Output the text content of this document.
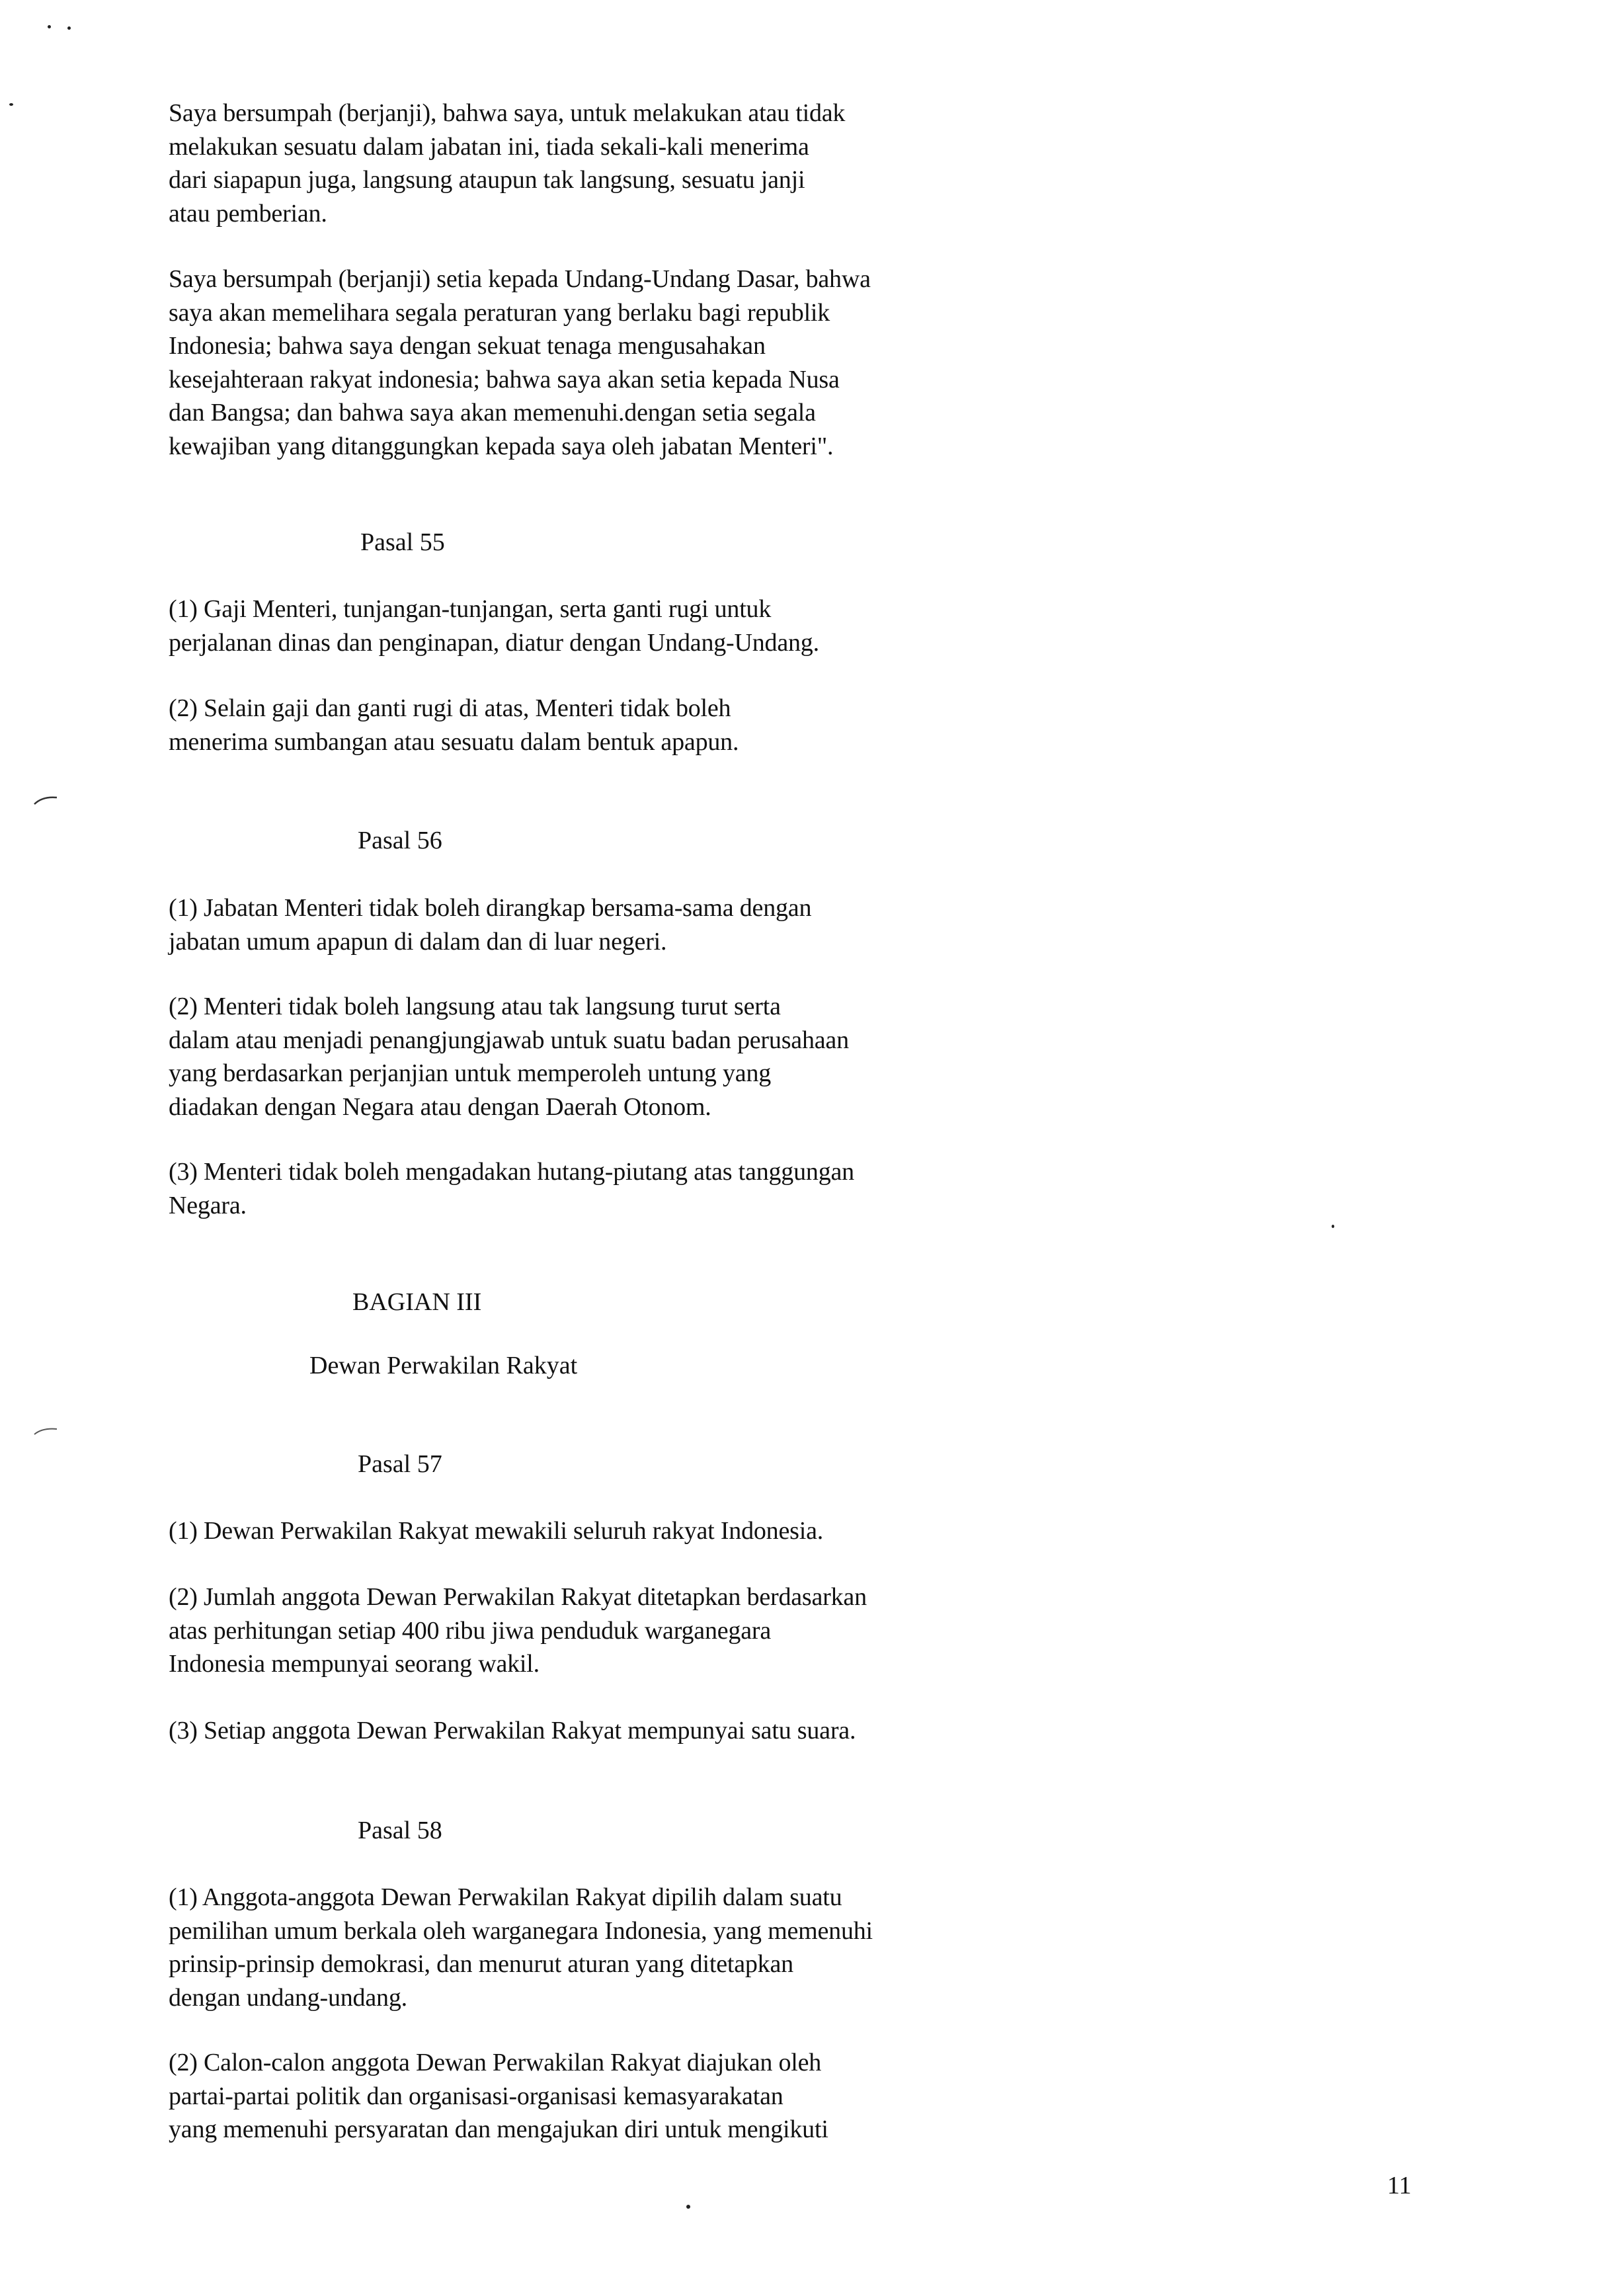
Saya bersumpah (berjanji), bahwa saya, untuk melakukan atau tidak
melakukan sesuatu dalam jabatan ini, tiada sekali-kali menerima
dari siapapun juga, langsung ataupun tak langsung, sesuatu janji
atau pemberian.
Saya bersumpah (berjanji) setia kepada Undang-Undang Dasar, bahwa
saya akan memelihara segala peraturan yang berlaku bagi republik
Indonesia; bahwa saya dengan sekuat tenaga mengusahakan
kesejahteraan rakyat indonesia; bahwa saya akan setia kepada Nusa
dan Bangsa; dan bahwa saya akan memenuhi.dengan setia segala
kewajiban yang ditanggungkan kepada saya oleh jabatan Menteri".
Pasal 55
(1) Gaji Menteri, tunjangan-tunjangan, serta ganti rugi untuk
perjalanan dinas dan penginapan, diatur dengan Undang-Undang.
(2) Selain gaji dan ganti rugi di atas, Menteri tidak boleh
menerima sumbangan atau sesuatu dalam bentuk apapun.
Pasal 56
(1) Jabatan Menteri tidak boleh dirangkap bersama-sama dengan
jabatan umum apapun di dalam dan di luar negeri.
(2) Menteri tidak boleh langsung atau tak langsung turut serta
dalam atau menjadi penangjungjawab untuk suatu badan perusahaan
yang berdasarkan perjanjian untuk memperoleh untung yang
diadakan dengan Negara atau dengan Daerah Otonom.
(3) Menteri tidak boleh mengadakan hutang-piutang atas tanggungan
Negara.
BAGIAN III
Dewan Perwakilan Rakyat
Pasal 57
(1) Dewan Perwakilan Rakyat mewakili seluruh rakyat Indonesia.
(2) Jumlah anggota Dewan Perwakilan Rakyat ditetapkan berdasarkan
atas perhitungan setiap 400 ribu jiwa penduduk warganegara
Indonesia mempunyai seorang wakil.
(3) Setiap anggota Dewan Perwakilan Rakyat mempunyai satu suara.
Pasal 58
(1) Anggota-anggota Dewan Perwakilan Rakyat dipilih dalam suatu
pemilihan umum berkala oleh warganegara Indonesia, yang memenuhi
prinsip-prinsip demokrasi, dan menurut aturan yang ditetapkan
dengan undang-undang.
(2) Calon-calon anggota Dewan Perwakilan Rakyat diajukan oleh
partai-partai politik dan organisasi-organisasi kemasyarakatan
yang memenuhi persyaratan dan mengajukan diri untuk mengikuti
11
